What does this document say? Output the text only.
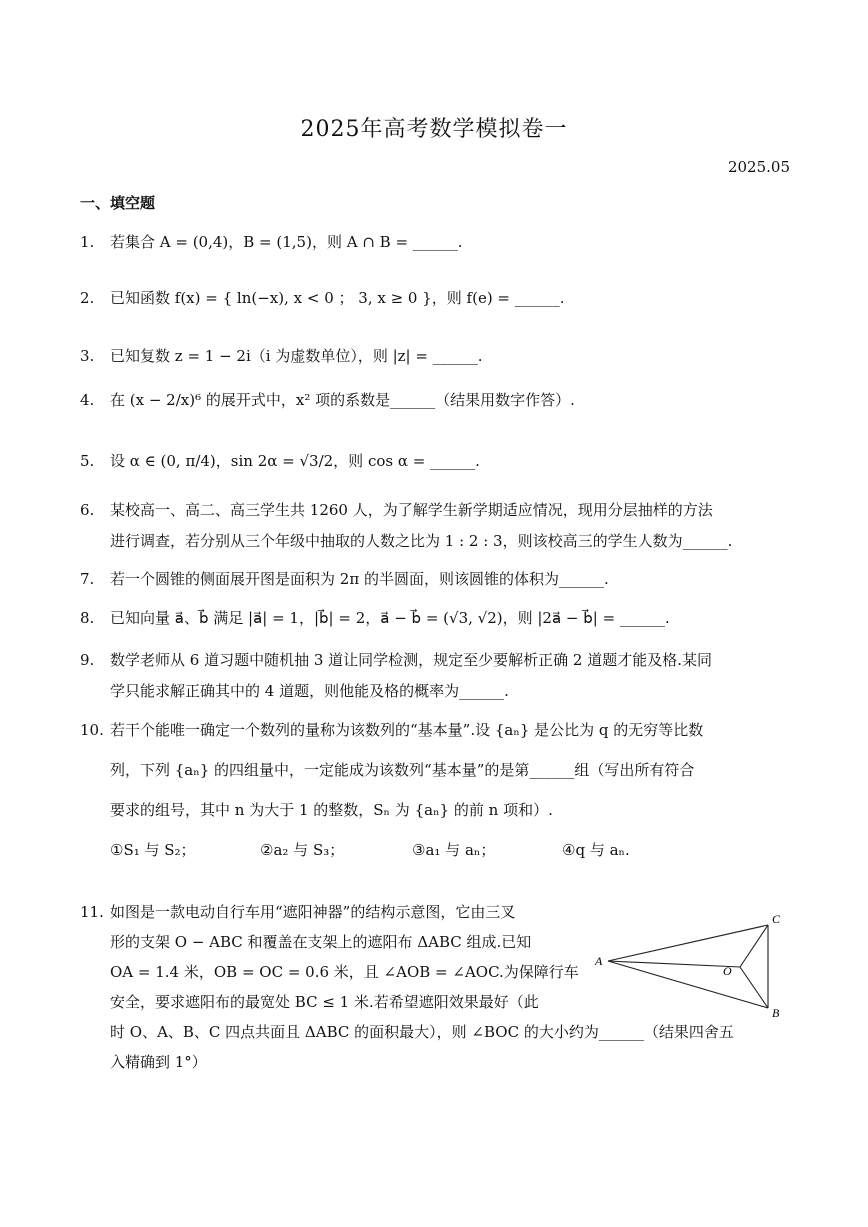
2025年高考数学模拟卷一
2025.05
一、填空题
1.	若集合 A = (0,4)，B = (1,5)，则 A ∩ B = ______.

2.	已知函数 f(x) = { ln(−x), x < 0 ； 3, x ≥ 0 }，则 f(e) = ______.

3.	已知复数 z = 1 − 2i（i 为虚数单位），则 |z| = ______.

4.	在 (x − 2/x)⁶ 的展开式中，x² 项的系数是______（结果用数字作答）.

5.	设 α ∈ (0, π/4)，sin 2α = √3/2，则 cos α = ______.

6.	某校高一、高二、高三学生共 1260 人，为了解学生新学期适应情况，现用分层抽样的方法

进行调查，若分别从三个年级中抽取的人数之比为 1 : 2 : 3，则该校高三的学生人数为______.

7.	若一个圆锥的侧面展开图是面积为 2π 的半圆面，则该圆锥的体积为______.

8.	已知向量 a⃗、b⃗ 满足 |a⃗| = 1，|b⃗| = 2，a⃗ − b⃗ = (√3, √2)，则 |2a⃗ − b⃗| = ______.

9.	数学老师从 6 道习题中随机抽 3 道让同学检测，规定至少要解析正确 2 道题才能及格.某同

学只能求解正确其中的 4 道题，则他能及格的概率为______.

10. 若干个能唯一确定一个数列的量称为该数列的“基本量”.设 {aₙ} 是公比为 q 的无穷等比数

列，下列 {aₙ} 的四组量中，一定能成为该数列“基本量”的是第______组（写出所有符合

要求的组号，其中 n 为大于 1 的整数，Sₙ 为 {aₙ} 的前 n 项和）.

①S₁ 与 S₂；	②a₂ 与 S₃；	③a₁ 与 aₙ；	④q 与 aₙ.

11. 如图是一款电动自行车用“遮阳神器”的结构示意图，它由三叉

形的支架 O − ABC 和覆盖在支架上的遮阳布 ΔABC 组成.已知

OA = 1.4 米，OB = OC = 0.6 米，且 ∠AOB = ∠AOC.为保障行车

安全，要求遮阳布的最宽处 BC ≤ 1 米.若希望遮阳效果最好（此

时 O、A、B、C 四点共面且 ΔABC 的面积最大），则 ∠BOC 的大小约为______（结果四舍五

入精确到 1°）

A
C
B
O
